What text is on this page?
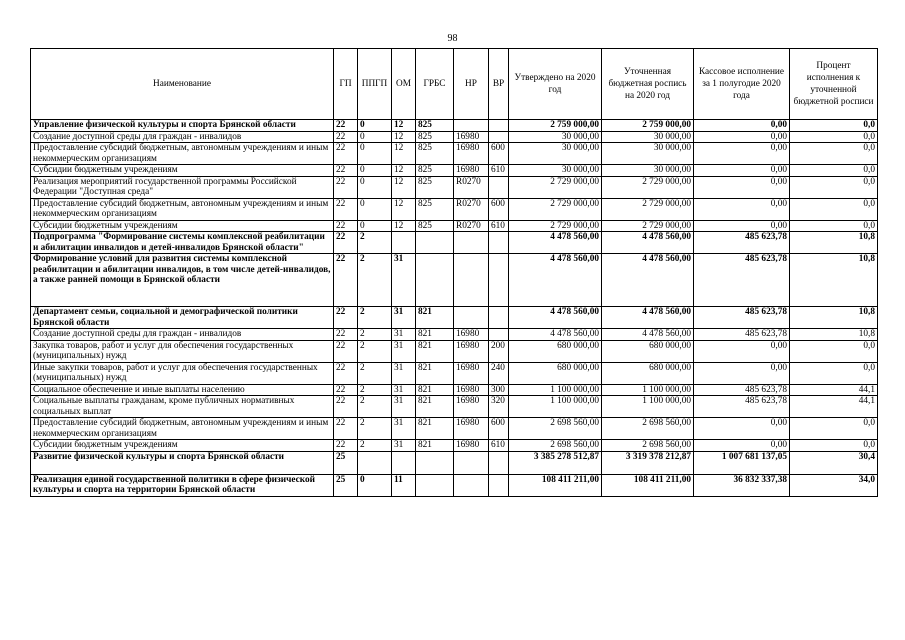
98
Наименование	ГП	ППГП	ОМ	ГРБС	НР	ВР	Утверждено на 2020 год	Уточненная бюджетная роспись на 2020 год	Кассовое исполнение за 1 полугодие 2020 года	Процент исполнения к уточненной бюджетной росписи
Управление физической культуры и спорта Брянской области	22	0	12	825			2 759 000,00	2 759 000,00	0,00	0,0
Создание доступной среды для граждан - инвалидов	22	0	12	825	16980		30 000,00	30 000,00	0,00	0,0
Предоставление субсидий бюджетным, автономным учреждениям и иным некоммерческим организациям	22	0	12	825	16980	600	30 000,00	30 000,00	0,00	0,0
Субсидии бюджетным учреждениям	22	0	12	825	16980	610	30 000,00	30 000,00	0,00	0,0
Реализация мероприятий государственной программы Российской Федерации "Доступная среда"	22	0	12	825	R0270		2 729 000,00	2 729 000,00	0,00	0,0
Предоставление субсидий бюджетным, автономным учреждениям и иным некоммерческим организациям	22	0	12	825	R0270	600	2 729 000,00	2 729 000,00	0,00	0,0
Субсидии бюджетным учреждениям	22	0	12	825	R0270	610	2 729 000,00	2 729 000,00	0,00	0,0
Подпрограмма "Формирование системы комплексной реабилитации и абилитации инвалидов и детей-инвалидов Брянской области"	22	2					4 478 560,00	4 478 560,00	485 623,78	10,8
Формирование условий для развития системы комплексной реабилитации и абилитации инвалидов, в том числе детей-инвалидов, а также ранней помощи в Брянской области	22	2	31				4 478 560,00	4 478 560,00	485 623,78	10,8
Департамент семьи, социальной и демографической политики Брянской области	22	2	31	821			4 478 560,00	4 478 560,00	485 623,78	10,8
Создание доступной среды для граждан - инвалидов	22	2	31	821	16980		4 478 560,00	4 478 560,00	485 623,78	10,8
Закупка товаров, работ и услуг для обеспечения государственных (муниципальных) нужд	22	2	31	821	16980	200	680 000,00	680 000,00	0,00	0,0
Иные закупки товаров, работ и услуг для обеспечения государственных (муниципальных) нужд	22	2	31	821	16980	240	680 000,00	680 000,00	0,00	0,0
Социальное обеспечение и иные выплаты населению	22	2	31	821	16980	300	1 100 000,00	1 100 000,00	485 623,78	44,1
Социальные выплаты гражданам, кроме публичных нормативных социальных выплат	22	2	31	821	16980	320	1 100 000,00	1 100 000,00	485 623,78	44,1
Предоставление субсидий бюджетным, автономным учреждениям и иным некоммерческим организациям	22	2	31	821	16980	600	2 698 560,00	2 698 560,00	0,00	0,0
Субсидии бюджетным учреждениям	22	2	31	821	16980	610	2 698 560,00	2 698 560,00	0,00	0,0
Развитие физической культуры и спорта Брянской области	25						3 385 278 512,87	3 319 378 212,87	1 007 681 137,05	30,4
Реализация единой государственной политики в сфере физической культуры и спорта на территории Брянской области	25	0	11				108 411 211,00	108 411 211,00	36 832 337,38	34,0
